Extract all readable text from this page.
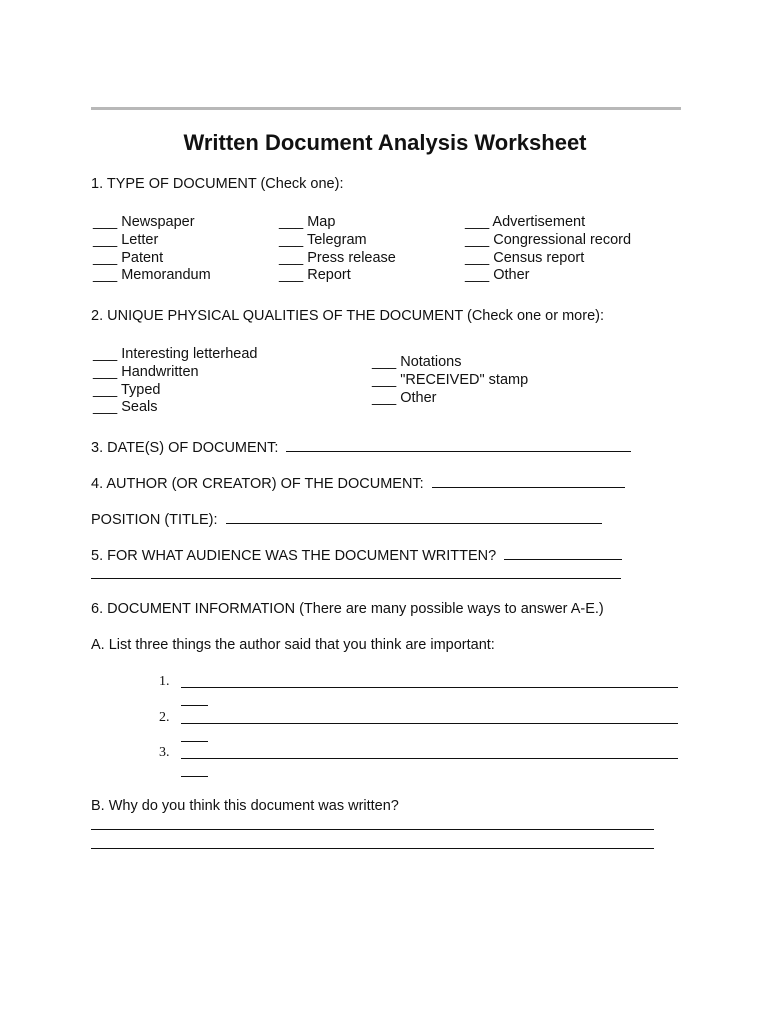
Written Document Analysis Worksheet
1. TYPE OF DOCUMENT (Check one):
___ Newspaper
___ Letter
___ Patent
___ Memorandum
___ Map
___ Telegram
___ Press release
___ Report
___ Advertisement
___ Congressional record
___ Census report
___ Other
2. UNIQUE PHYSICAL QUALITIES OF THE DOCUMENT (Check one or more):
___ Interesting letterhead
___ Handwritten
___ Typed
___ Seals
___ Notations
___ "RECEIVED" stamp
___ Other
3. DATE(S) OF DOCUMENT:
4. AUTHOR (OR CREATOR) OF THE DOCUMENT:
POSITION (TITLE):
5. FOR WHAT AUDIENCE WAS THE DOCUMENT WRITTEN?
6. DOCUMENT INFORMATION (There are many possible ways to answer A-E.)
A. List three things the author said that you think are important:
1.
2.
3.
B. Why do you think this document was written?
